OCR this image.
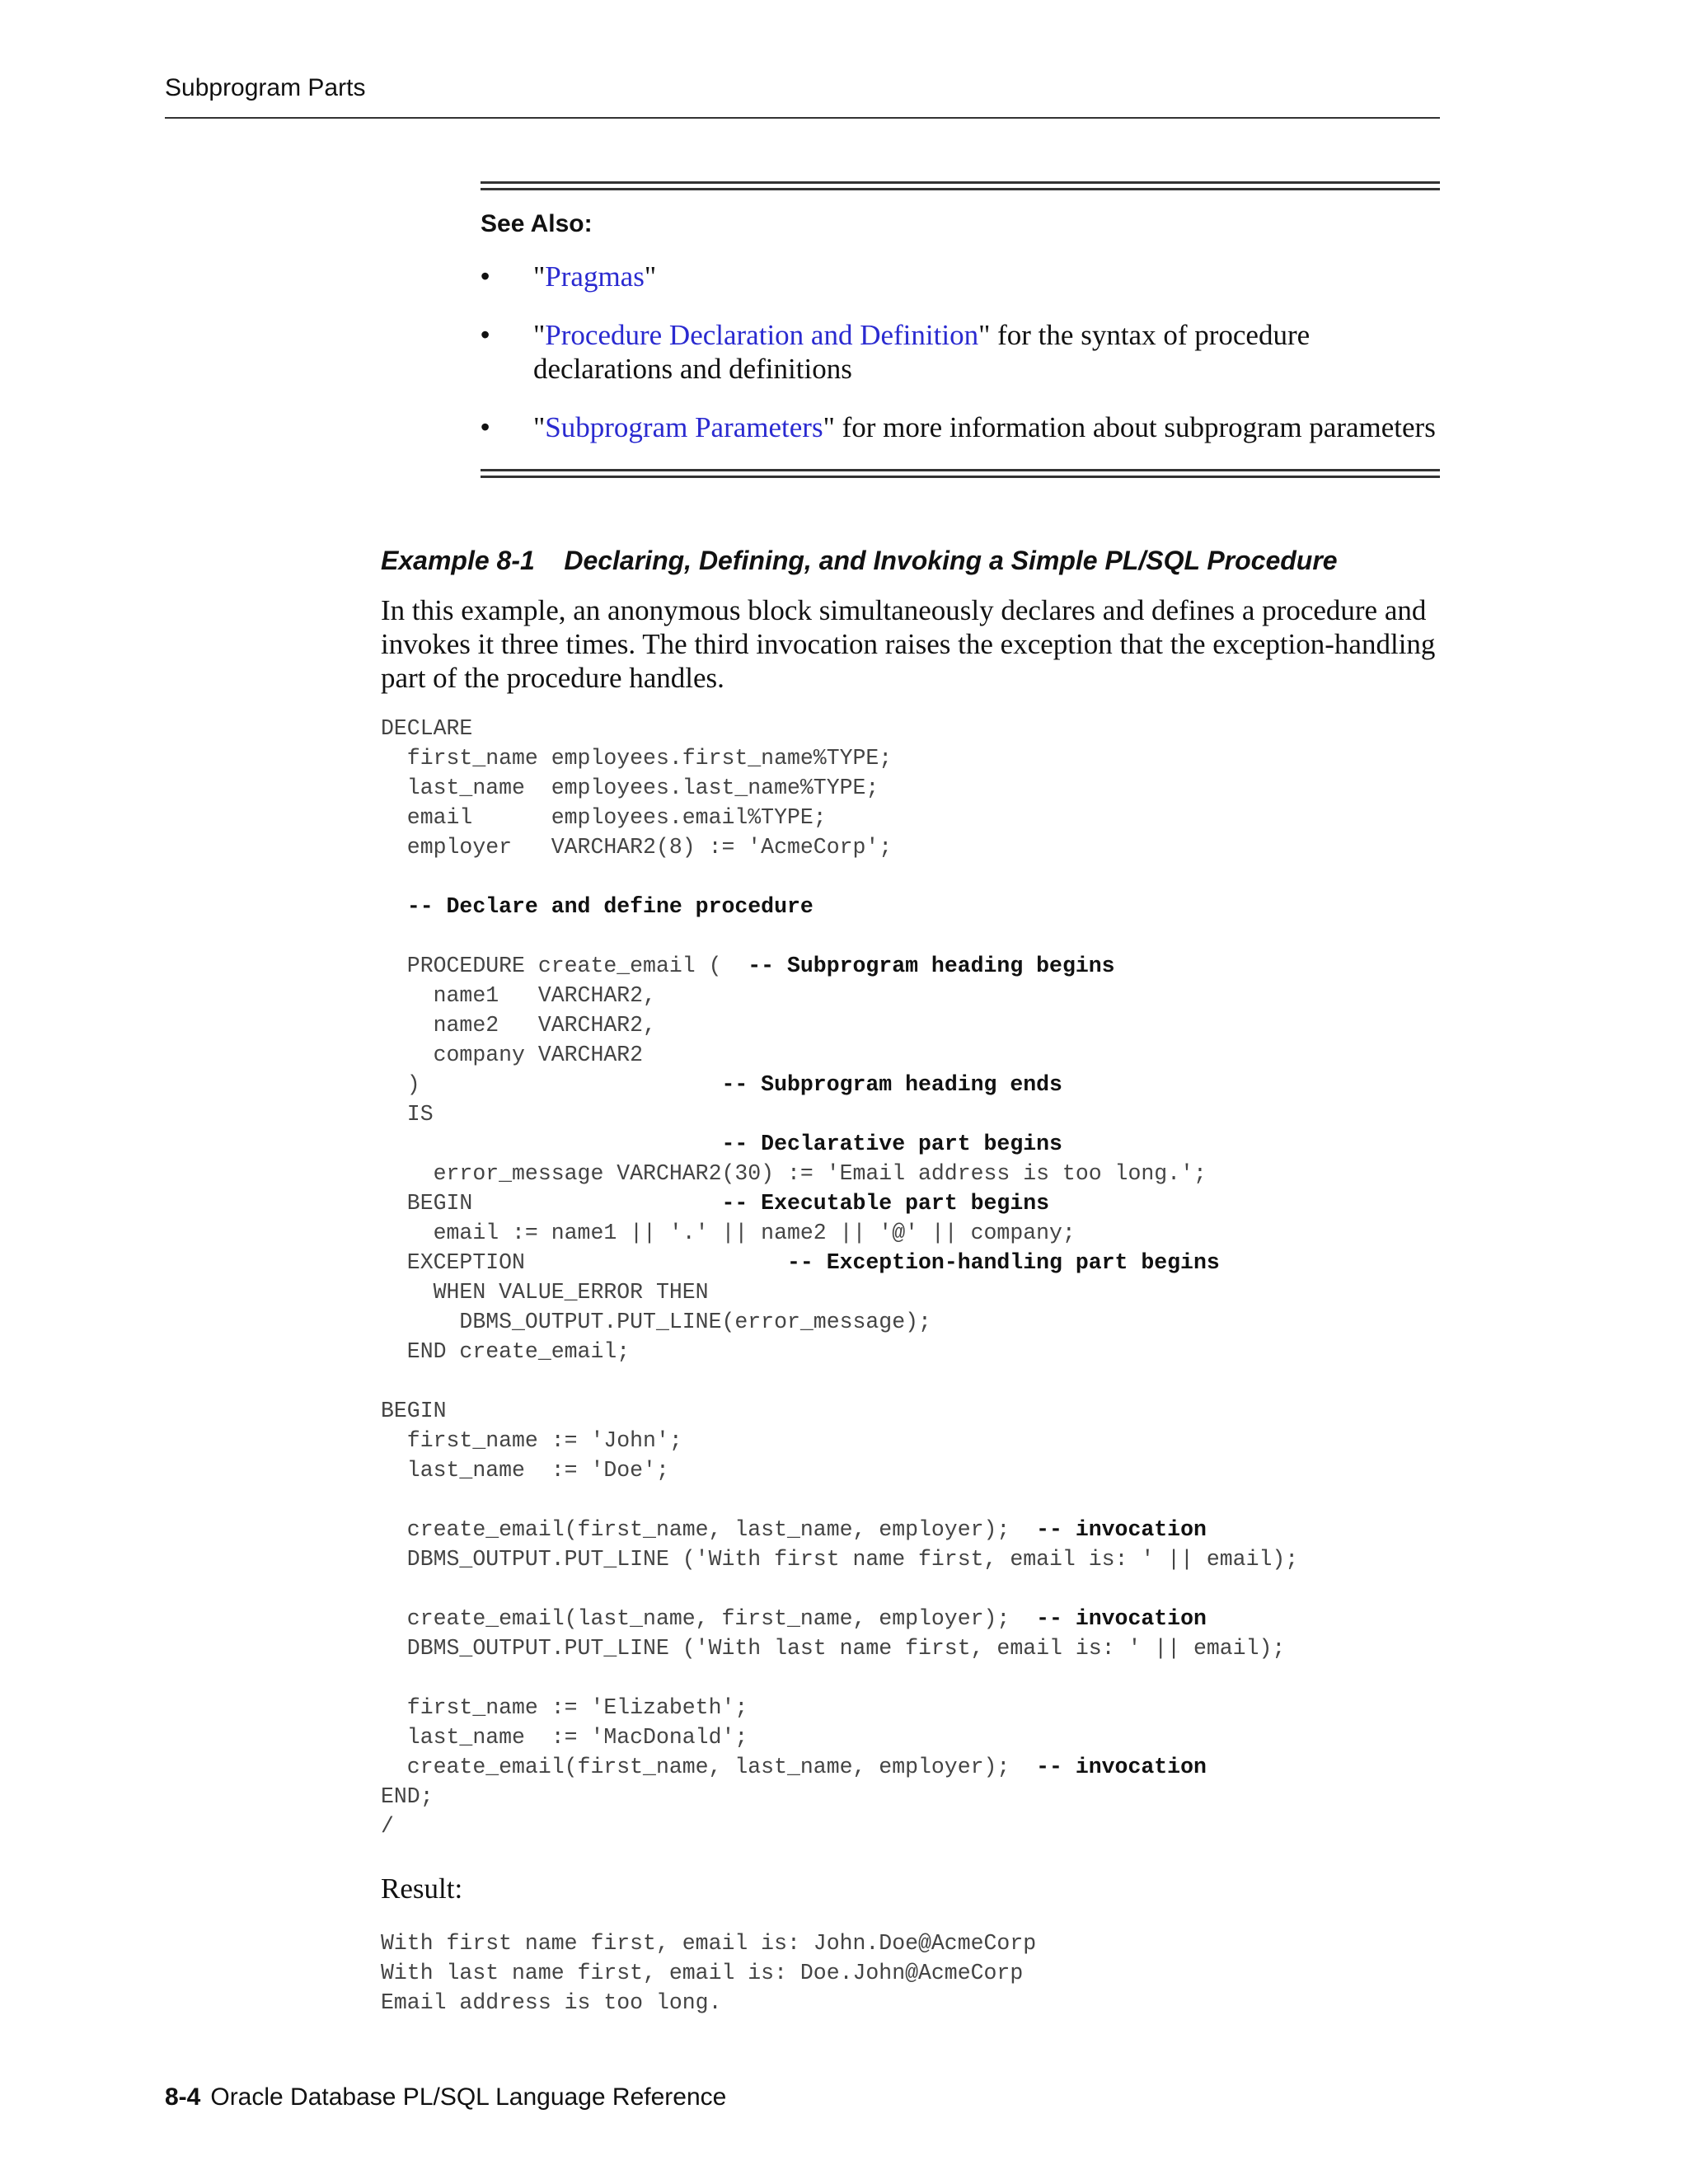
Subprogram Parts
See Also:
• "Pragmas"
• "Procedure Declaration and Definition" for the syntax of procedure declarations and definitions
• "Subprogram Parameters" for more information about subprogram parameters
Example 8-1 Declaring, Defining, and Invoking a Simple PL/SQL Procedure
In this example, an anonymous block simultaneously declares and defines a procedure and invokes it three times. The third invocation raises the exception that the exception-handling part of the procedure handles.
DECLARE
first_name employees.first_name%TYPE;
last_name  employees.last_name%TYPE;
email      employees.email%TYPE;
employer   VARCHAR2(8) := 'AcmeCorp';

-- Declare and define procedure

PROCEDURE create_email (  -- Subprogram heading begins
name1   VARCHAR2,
name2   VARCHAR2,
company VARCHAR2
)                       -- Subprogram heading ends
IS
-- Declarative part begins
error_message VARCHAR2(30) := 'Email address is too long.';
BEGIN                   -- Executable part begins
email := name1 || '.' || name2 || '@' || company;
EXCEPTION                    -- Exception-handling part begins
WHEN VALUE_ERROR THEN
DBMS_OUTPUT.PUT_LINE(error_message);
END create_email;

BEGIN
first_name := 'John';
last_name  := 'Doe';

create_email(first_name, last_name, employer);  -- invocation
DBMS_OUTPUT.PUT_LINE ('With first name first, email is: ' || email);

create_email(last_name, first_name, employer);  -- invocation
DBMS_OUTPUT.PUT_LINE ('With last name first, email is: ' || email);

first_name := 'Elizabeth';
last_name  := 'MacDonald';
create_email(first_name, last_name, employer);  -- invocation
END;
/

Result:
With first name first, email is: John.Doe@AcmeCorp
With last name first, email is: Doe.John@AcmeCorp
Email address is too long.

8-4 Oracle Database PL/SQL Language Reference
